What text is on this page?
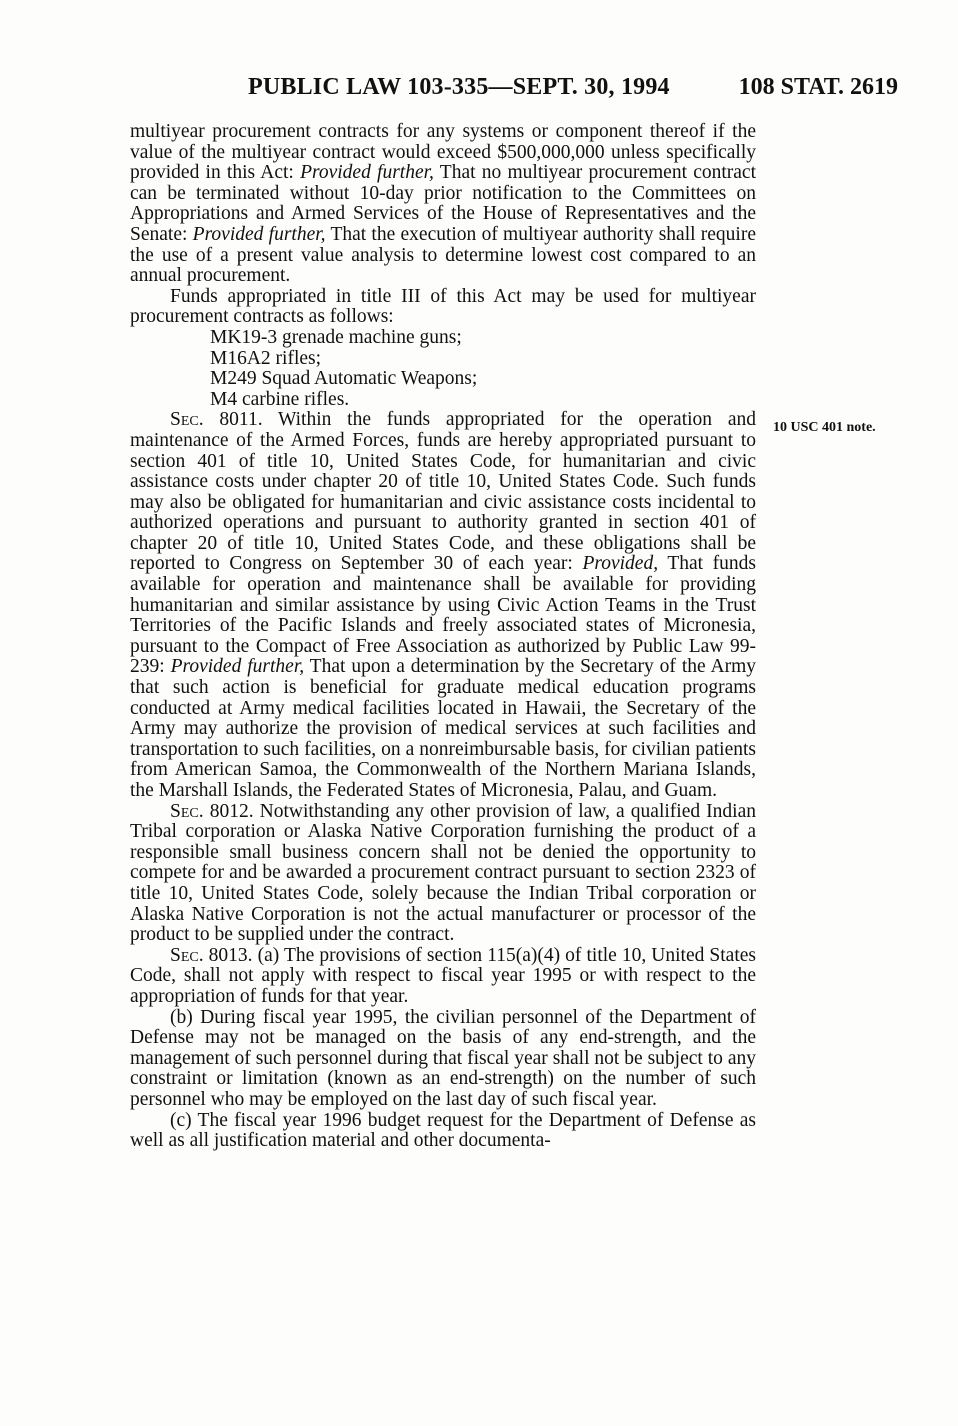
PUBLIC LAW 103-335—SEPT. 30, 1994	108 STAT. 2619
10 USC 401 note.

multiyear procurement contracts for any systems or component thereof if the value of the multiyear contract would exceed $500,000,000 unless specifically provided in this Act: Provided further, That no multiyear procurement contract can be terminated without 10-day prior notification to the Committees on Appropriations and Armed Services of the House of Representatives and the Senate: Provided further, That the execution of multiyear authority shall require the use of a present value analysis to determine lowest cost compared to an annual procurement.

Funds appropriated in title III of this Act may be used for multiyear procurement contracts as follows:

MK19-3 grenade machine guns;
M16A2 rifles;
M249 Squad Automatic Weapons;
M4 carbine rifles.

Sec. 8011. Within the funds appropriated for the operation and maintenance of the Armed Forces, funds are hereby appropriated pursuant to section 401 of title 10, United States Code, for humanitarian and civic assistance costs under chapter 20 of title 10, United States Code. Such funds may also be obligated for humanitarian and civic assistance costs incidental to authorized operations and pursuant to authority granted in section 401 of chapter 20 of title 10, United States Code, and these obligations shall be reported to Congress on September 30 of each year: Provided, That funds available for operation and maintenance shall be available for providing humanitarian and similar assistance by using Civic Action Teams in the Trust Territories of the Pacific Islands and freely associated states of Micronesia, pursuant to the Compact of Free Association as authorized by Public Law 99-239: Provided further, That upon a determination by the Secretary of the Army that such action is beneficial for graduate medical education programs conducted at Army medical facilities located in Hawaii, the Secretary of the Army may authorize the provision of medical services at such facilities and transportation to such facilities, on a nonreimbursable basis, for civilian patients from American Samoa, the Commonwealth of the Northern Mariana Islands, the Marshall Islands, the Federated States of Micronesia, Palau, and Guam.

Sec. 8012. Notwithstanding any other provision of law, a qualified Indian Tribal corporation or Alaska Native Corporation furnishing the product of a responsible small business concern shall not be denied the opportunity to compete for and be awarded a procurement contract pursuant to section 2323 of title 10, United States Code, solely because the Indian Tribal corporation or Alaska Native Corporation is not the actual manufacturer or processor of the product to be supplied under the contract.

Sec. 8013. (a) The provisions of section 115(a)(4) of title 10, United States Code, shall not apply with respect to fiscal year 1995 or with respect to the appropriation of funds for that year.

(b) During fiscal year 1995, the civilian personnel of the Department of Defense may not be managed on the basis of any end-strength, and the management of such personnel during that fiscal year shall not be subject to any constraint or limitation (known as an end-strength) on the number of such personnel who may be employed on the last day of such fiscal year.

(c) The fiscal year 1996 budget request for the Department of Defense as well as all justification material and other documenta-
